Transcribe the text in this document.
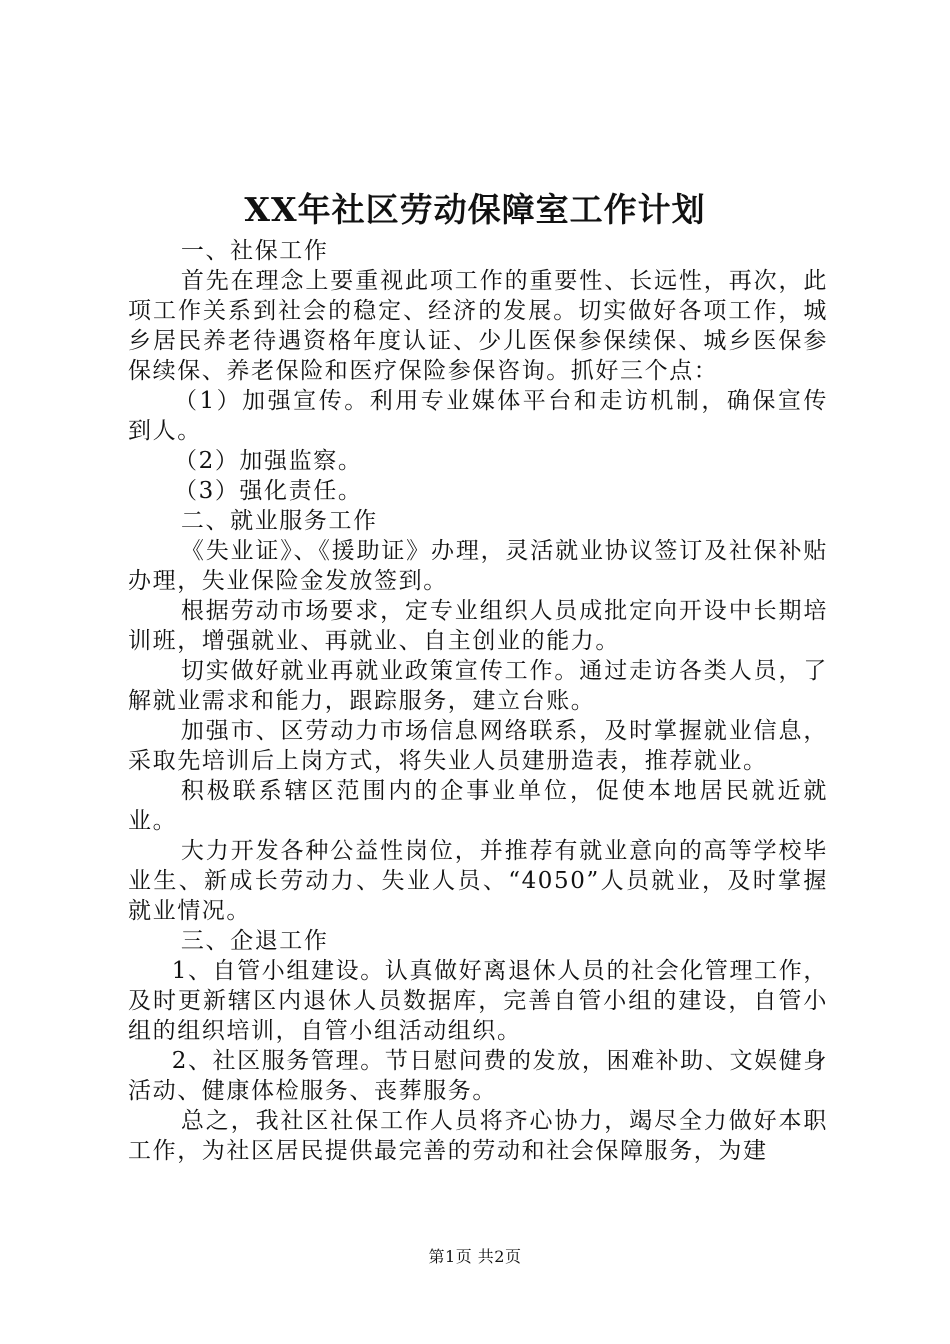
XX年社区劳动保障室工作计划

一、社保工作

首先在理念上要重视此项工作的重要性、长远性，再次，此项工作关系到社会的稳定、经济的发展。切实做好各项工作，城乡居民养老待遇资格年度认证、少儿医保参保续保、城乡医保参保续保、养老保险和医疗保险参保咨询。抓好三个点：

（1）加强宣传。利用专业媒体平台和走访机制，确保宣传到人。

（2）加强监察。

（3）强化责任。

二、就业服务工作

《失业证》、《援助证》办理，灵活就业协议签订及社保补贴办理，失业保险金发放签到。

根据劳动市场要求，定专业组织人员成批定向开设中长期培训班，增强就业、再就业、自主创业的能力。

切实做好就业再就业政策宣传工作。通过走访各类人员，了解就业需求和能力，跟踪服务，建立台账。

加强市、区劳动力市场信息网络联系，及时掌握就业信息，采取先培训后上岗方式，将失业人员建册造表，推荐就业。

积极联系辖区范围内的企事业单位，促使本地居民就近就业。

大力开发各种公益性岗位，并推荐有就业意向的高等学校毕业生、新成长劳动力、失业人员、“4050”人员就业，及时掌握就业情况。

三、企退工作

1、自管小组建设。认真做好离退休人员的社会化管理工作，及时更新辖区内退休人员数据库，完善自管小组的建设，自管小组的组织培训，自管小组活动组织。

2、社区服务管理。节日慰问费的发放，困难补助、文娱健身活动、健康体检服务、丧葬服务。

总之，我社区社保工作人员将齐心协力，竭尽全力做好本职工作，为社区居民提供最完善的劳动和社会保障服务，为建

第1页 共2页
